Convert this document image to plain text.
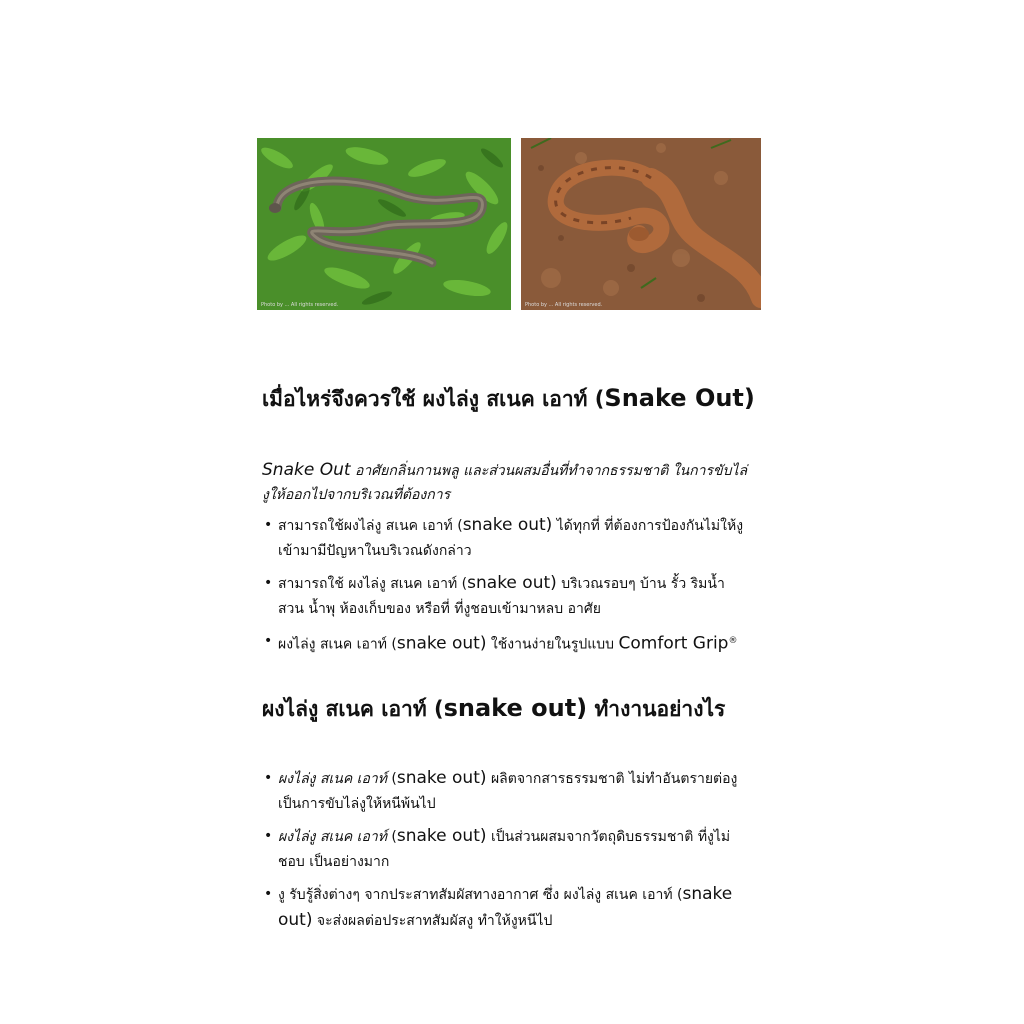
Photo by ... All rights reserved.	Photo by ... All rights reserved.
เมื่อไหร่จึงควรใช้ ผงไล่งู สเนค เอาท์ (Snake Out)
Snake Out อาศัยกลิ่นกานพลู และส่วนผสมอื่นที่ทำจากธรรมชาติ ในการขับไล่งูให้ออกไปจากบริเวณที่ต้องการ
• สามารถใช้ผงไล่งู สเนค เอาท์ (snake out) ได้ทุกที่ ที่ต้องการป้องกันไม่ให้งูเข้ามามีปัญหาในบริเวณดังกล่าว
• สามารถใช้ ผงไล่งู สเนค เอาท์ (snake out) บริเวณรอบๆ บ้าน รั้ว ริมน้ำ สวน น้ำพุ ห้องเก็บของ หรือที่ ที่งูชอบเข้ามาหลบ อาศัย
• ผงไล่งู สเนค เอาท์ (snake out) ใช้งานง่ายในรูปแบบ Comfort Grip®
ผงไล่งู สเนค เอาท์ (snake out) ทำงานอย่างไร
• ผงไล่งู สเนค เอาท์ (snake out) ผลิตจากสารธรรมชาติ ไม่ทำอันตรายต่องู เป็นการขับไล่งูให้หนีพ้นไป
• ผงไล่งู สเนค เอาท์ (snake out) เป็นส่วนผสมจากวัตถุดิบธรรมชาติ ที่งูไม่ชอบ เป็นอย่างมาก
• งู รับรู้สิ่งต่างๆ จากประสาทสัมผัสทางอากาศ ซึ่ง ผงไล่งู สเนค เอาท์ (snake out) จะส่งผลต่อประสาทสัมผัสงู ทำให้งูหนีไป
